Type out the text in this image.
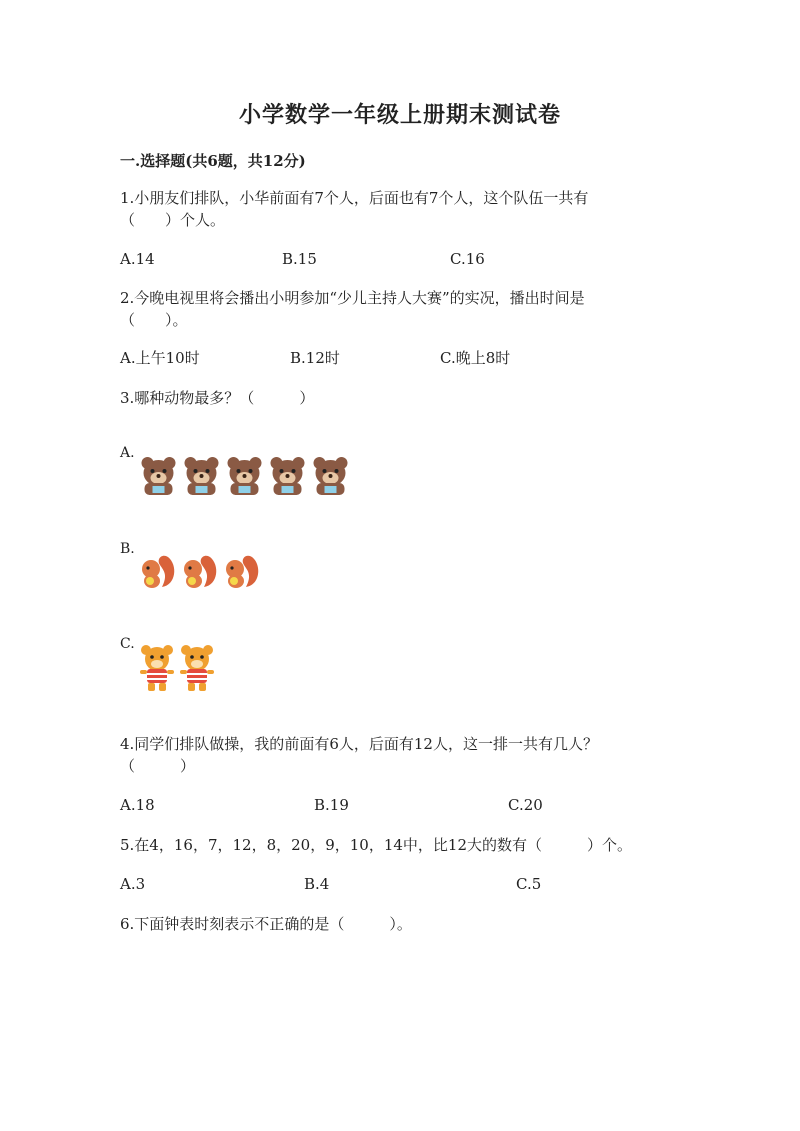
小学数学一年级上册期末测试卷
一.选择题(共6题，共12分)

1.小朋友们排队，小华前面有7个人，后面也有7个人，这个队伍一共有

（　　）个人。

A.14	B.15	C.16

2.今晚电视里将会播出小明参加“少儿主持人大赛”的实况，播出时间是

（　　）。

A.上午10时	B.12时	C.晚上8时

3.哪种动物最多？（　　　）

A.

B.

C.

4.同学们排队做操，我的前面有6人，后面有12人，这一排一共有几人？

（　　　）

A.18	B.19	C.20

5.在4，16，7，12，8，20，9，10，14中，比12大的数有（　　　）个。

A.3	B.4	C.5

6.下面钟表时刻表示不正确的是（　　　）。
